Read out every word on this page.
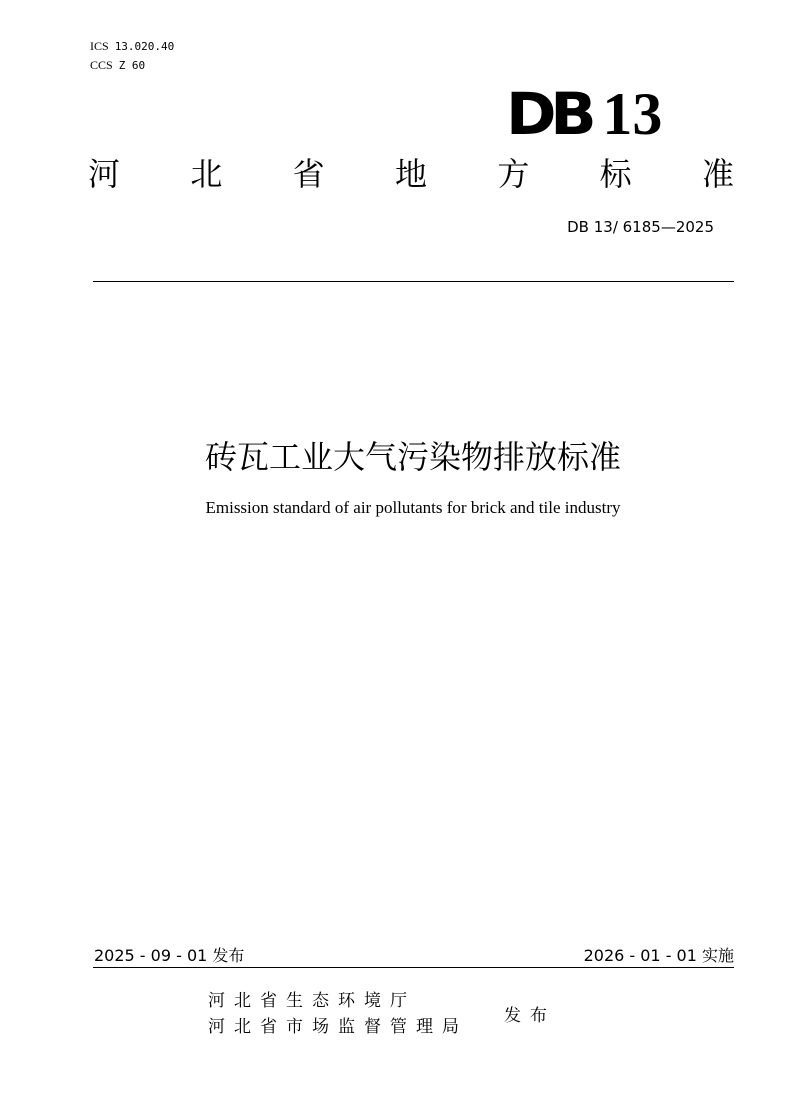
ICS 13.020.40
CCS Z 60
DB 13
河 北 省 地 方 标 准
DB 13/ 6185—2025
砖瓦工业大气污染物排放标准
Emission standard of air pollutants for brick and tile industry
2025 - 09 - 01 发布	2026 - 01 - 01 实施
河北省生态环境厅
河北省市场监督管理局
发布
